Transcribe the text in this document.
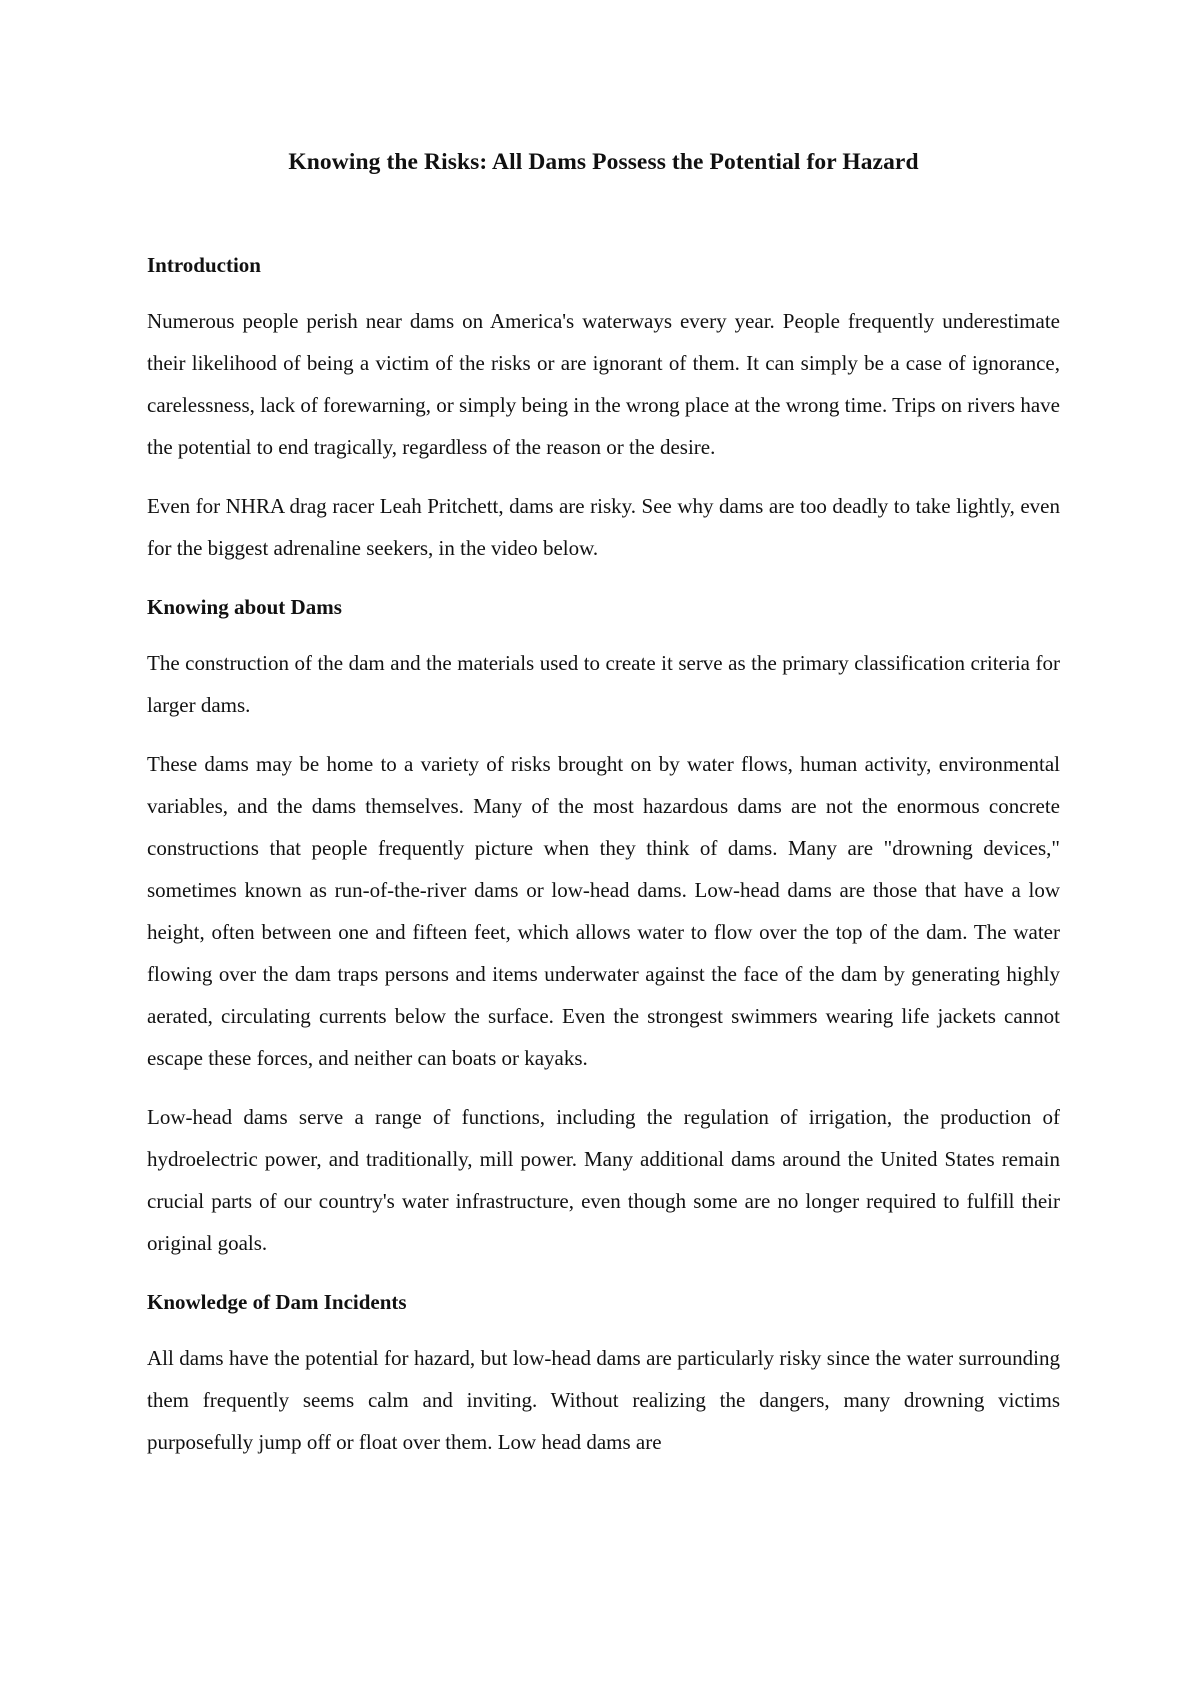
Knowing the Risks: All Dams Possess the Potential for Hazard
Introduction

Numerous people perish near dams on America's waterways every year. People frequently underestimate their likelihood of being a victim of the risks or are ignorant of them. It can simply be a case of ignorance, carelessness, lack of forewarning, or simply being in the wrong place at the wrong time. Trips on rivers have the potential to end tragically, regardless of the reason or the desire.

Even for NHRA drag racer Leah Pritchett, dams are risky. See why dams are too deadly to take lightly, even for the biggest adrenaline seekers, in the video below.

Knowing about Dams

The construction of the dam and the materials used to create it serve as the primary classification criteria for larger dams.

These dams may be home to a variety of risks brought on by water flows, human activity, environmental variables, and the dams themselves. Many of the most hazardous dams are not the enormous concrete constructions that people frequently picture when they think of dams. Many are "drowning devices," sometimes known as run-of-the-river dams or low-head dams. Low-head dams are those that have a low height, often between one and fifteen feet, which allows water to flow over the top of the dam. The water flowing over the dam traps persons and items underwater against the face of the dam by generating highly aerated, circulating currents below the surface. Even the strongest swimmers wearing life jackets cannot escape these forces, and neither can boats or kayaks.

Low-head dams serve a range of functions, including the regulation of irrigation, the production of hydroelectric power, and traditionally, mill power. Many additional dams around the United States remain crucial parts of our country's water infrastructure, even though some are no longer required to fulfill their original goals.

Knowledge of Dam Incidents

All dams have the potential for hazard, but low-head dams are particularly risky since the water surrounding them frequently seems calm and inviting. Without realizing the dangers, many drowning victims purposefully jump off or float over them. Low head dams are
